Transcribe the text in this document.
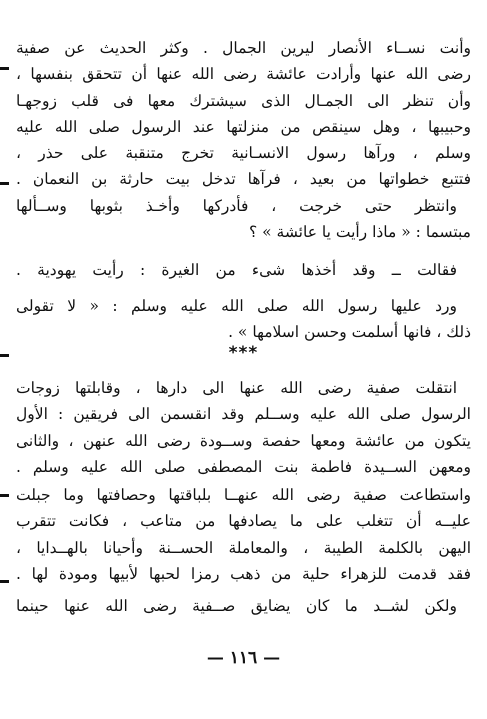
وأنت نســاء الأنصار ليرين الجمال . وكثر الحديث عن صفية
رضى الله عنها وأرادت عائشة رضى الله عنها أن تتحقق بنفسها ،
وأن تنظر الى الجمـال الذى سيشترك معها فى قلب زوجهـا
وحبيبها ، وهل سينقص من منزلتها عند الرسول صلى الله عليه
وسلم ، ورآها رسول الانسـانية تخرج متنقبة على حذر ،
فتتبع خطواتها من بعيد ، فرآها تدخل بيت حارثة بن النعمان .
وانتظر حتى خرجت ، فأدركها وأخـذ بثوبها وســألها
مبتسما : « ماذا رأيت يا عائشة » ؟
فقالت ــ وقد أخذها شىء من الغيرة : رأيت يهودية .
ورد عليها رسول الله صلى الله عليه وسلم : « لا تقولى
ذلك ، فانها أسلمت وحسن اسلامها » .
***
انتقلت صفية رضى الله عنها الى دارها ، وقابلتها زوجات
الرسول صلى الله عليه وســلم وقد انقسمن الى فريقين : الأول
يتكون من عائشة ومعها حفصة وســودة رضى الله عنهن ، والثانى
ومعهن الســيدة فاطمة بنت المصطفى صلى الله عليه وسلم .
واستطاعت صفية رضى الله عنهــا بلباقتها وحصافتها وما جبلت
عليــه أن تتغلب على ما يصادفها من متاعب ، فكانت تتقرب
اليهن بالكلمة الطيبة ، والمعاملة الحســنة وأحيانا بالهــدايا ،
فقد قدمت للزهراء حلية من ذهب رمزا لحبها لأبيها ومودة لها .
ولكن لشــد ما كان يضايق صــفية رضى الله عنها حينما
— ١١٦ —
